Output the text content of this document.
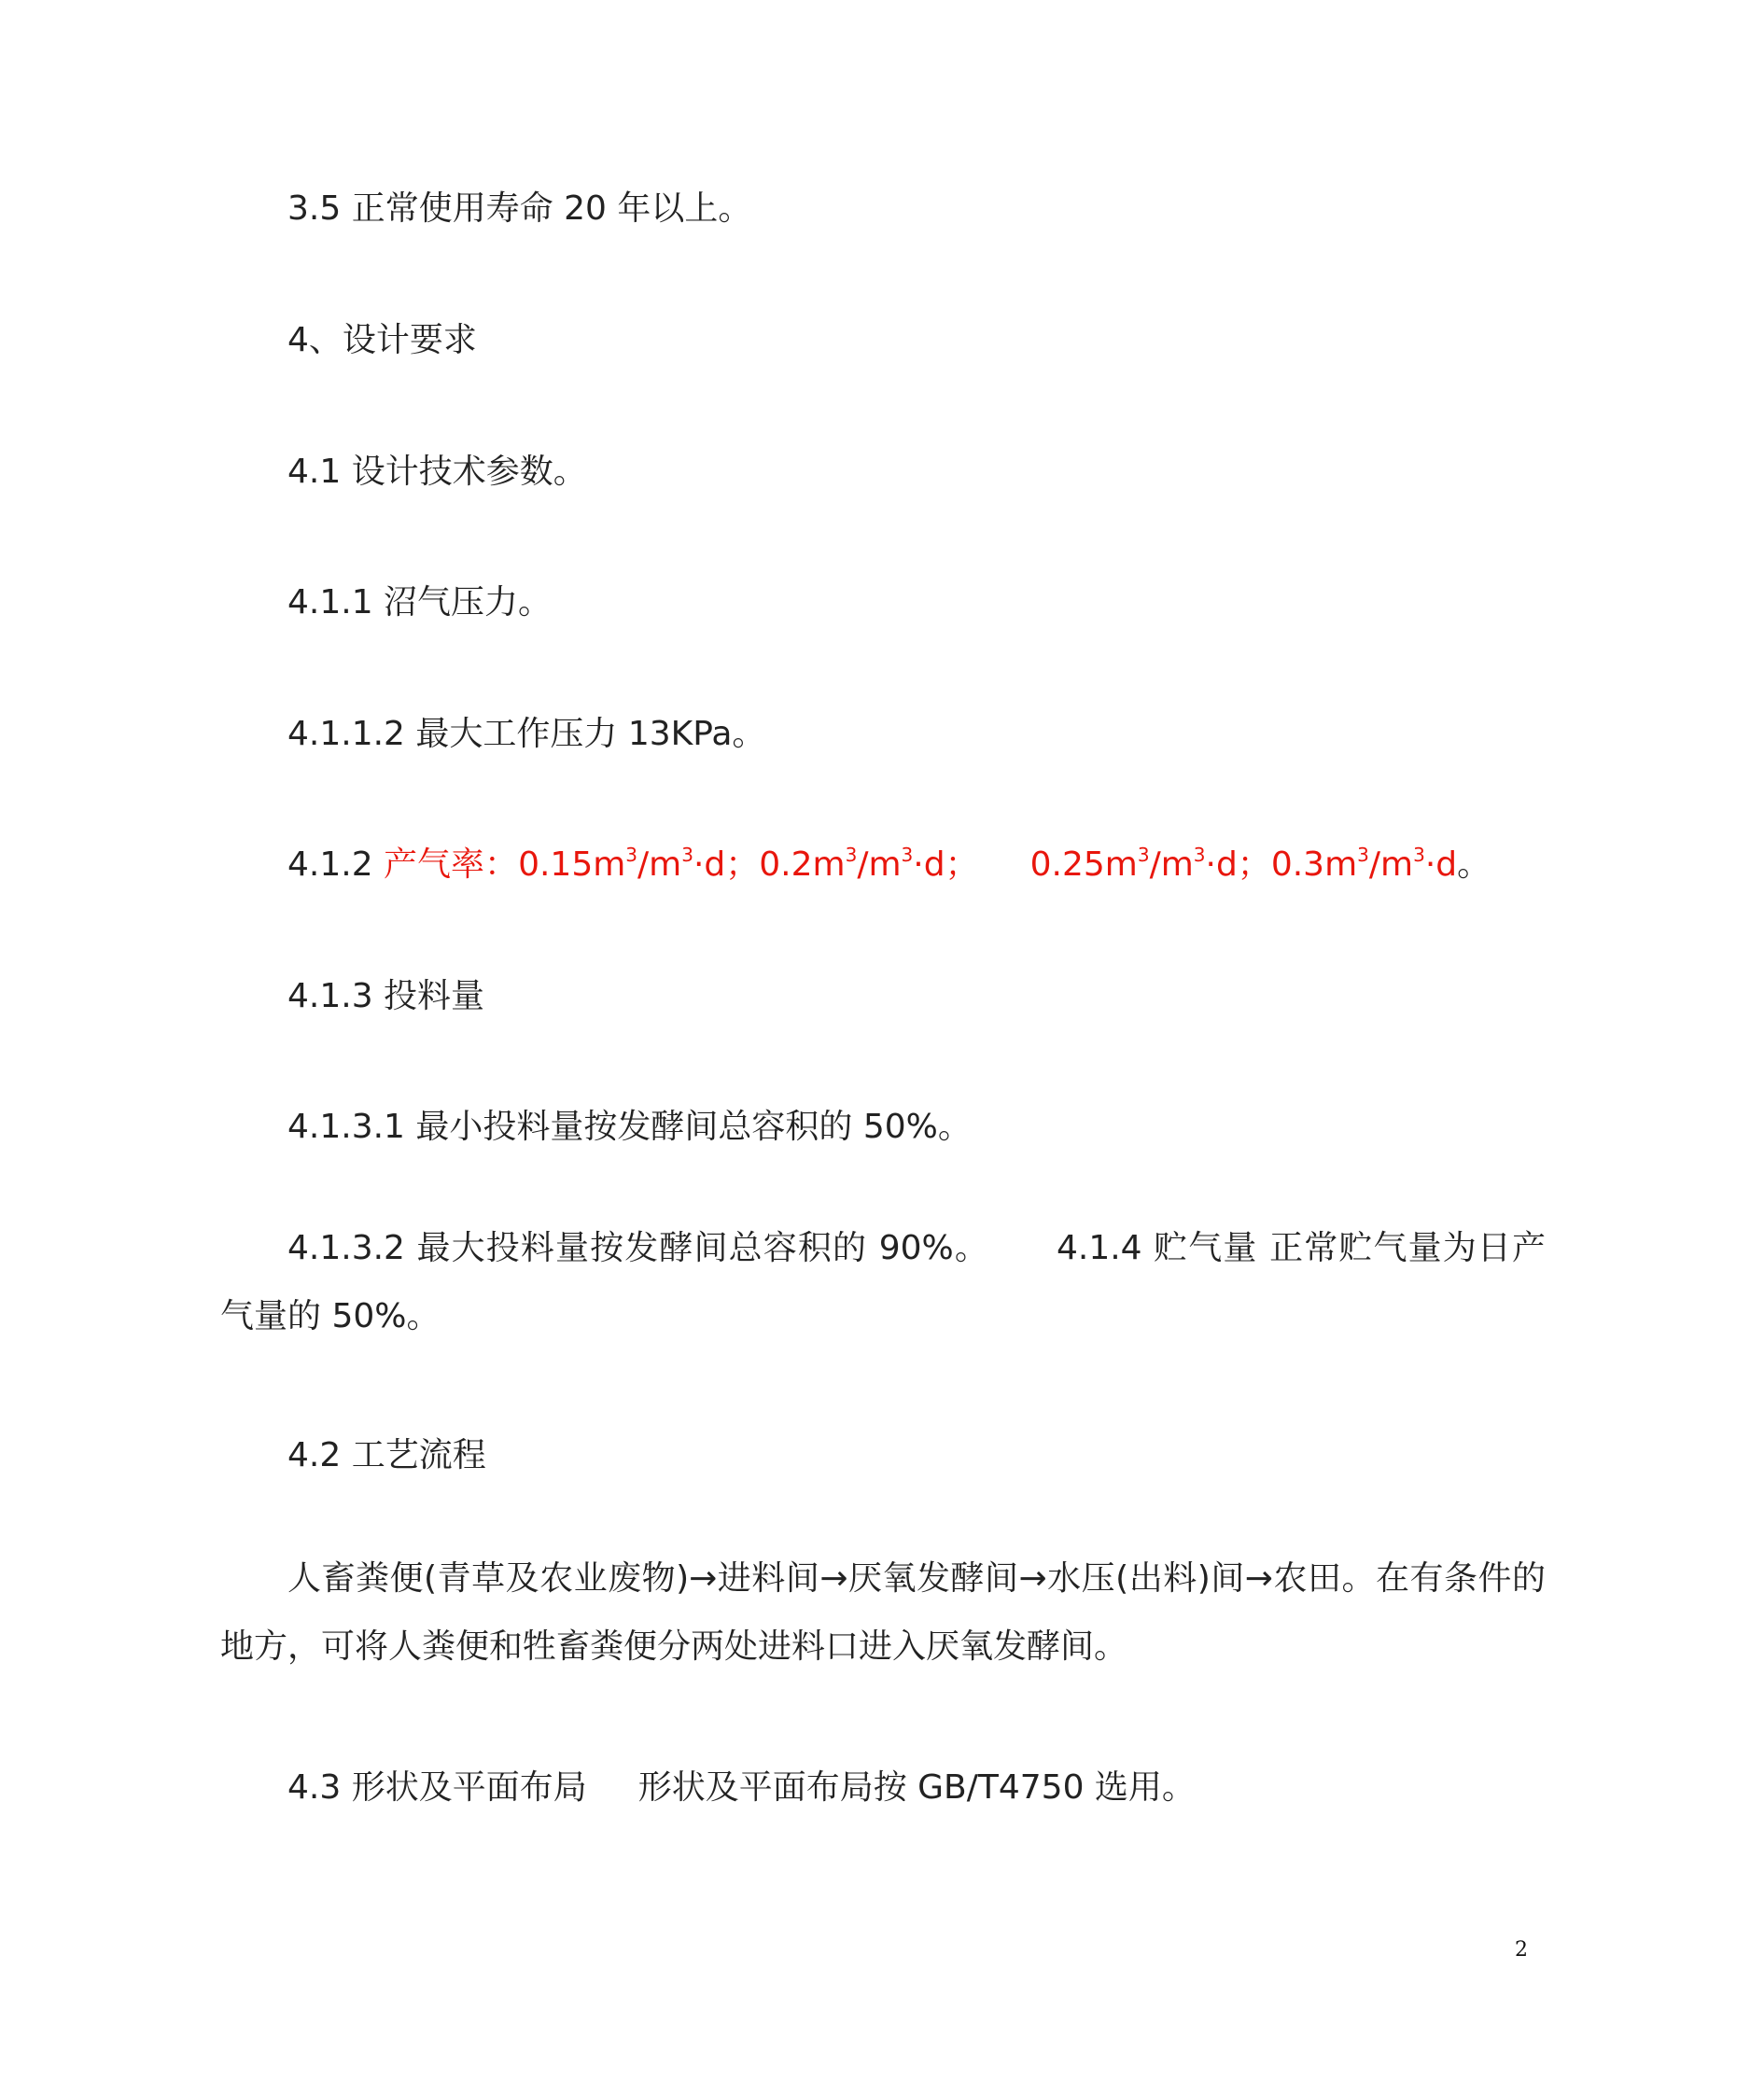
3.5 正常使用寿命 20 年以上。
4、设计要求
4.1 设计技术参数。
4.1.1 沼气压力。
4.1.1.2 最大工作压力 13KPa。
4.1.2 产气率：$0.15m^3/m^3\cdot d$；$0.2m^3/m^3\cdot d$； $0.25m^3/m^3\cdot d$；$0.3m^3/m^3\cdot d$。
4.1.3 投料量
4.1.3.1 最小投料量按发酵间总容积的 50%。
4.1.3.2 最大投料量按发酵间总容积的 90%。 4.1.4 贮气量 正常贮气量为日产气量的 50%。
4.2 工艺流程
人畜粪便(青草及农业废物)→进料间→厌氧发酵间→水压(出料)间→农田。在有条件的地方，可将人粪便和牲畜粪便分两处进料口进入厌氧发酵间。
4.3 形状及平面布局 形状及平面布局按 GB/T4750 选用。
2
